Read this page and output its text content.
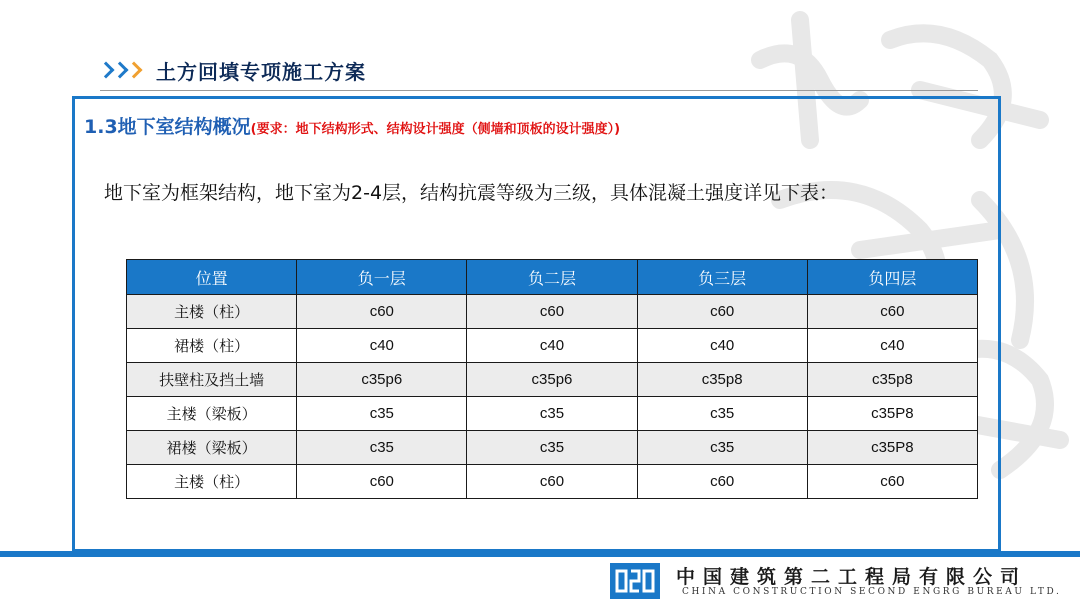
土方回填专项施工方案
1.3地下室结构概况(要求：地下结构形式、结构设计强度（侧墙和顶板的设计强度）)
地下室为框架结构，地下室为2-4层，结构抗震等级为三级，具体混凝土强度详见下表：
位置	负一层	负二层	负三层	负四层
主楼（柱）	c60	c60	c60	c60
裙楼（柱）	c40	c40	c40	c40
扶壁柱及挡土墙	c35p6	c35p6	c35p8	c35p8
主楼（梁板）	c35	c35	c35	c35P8
裙楼（梁板）	c35	c35	c35	c35P8
主楼（柱）	c60	c60	c60	c60
中国建筑第二工程局有限公司
CHINA CONSTRUCTION SECOND ENGRG BUREAU LTD.
